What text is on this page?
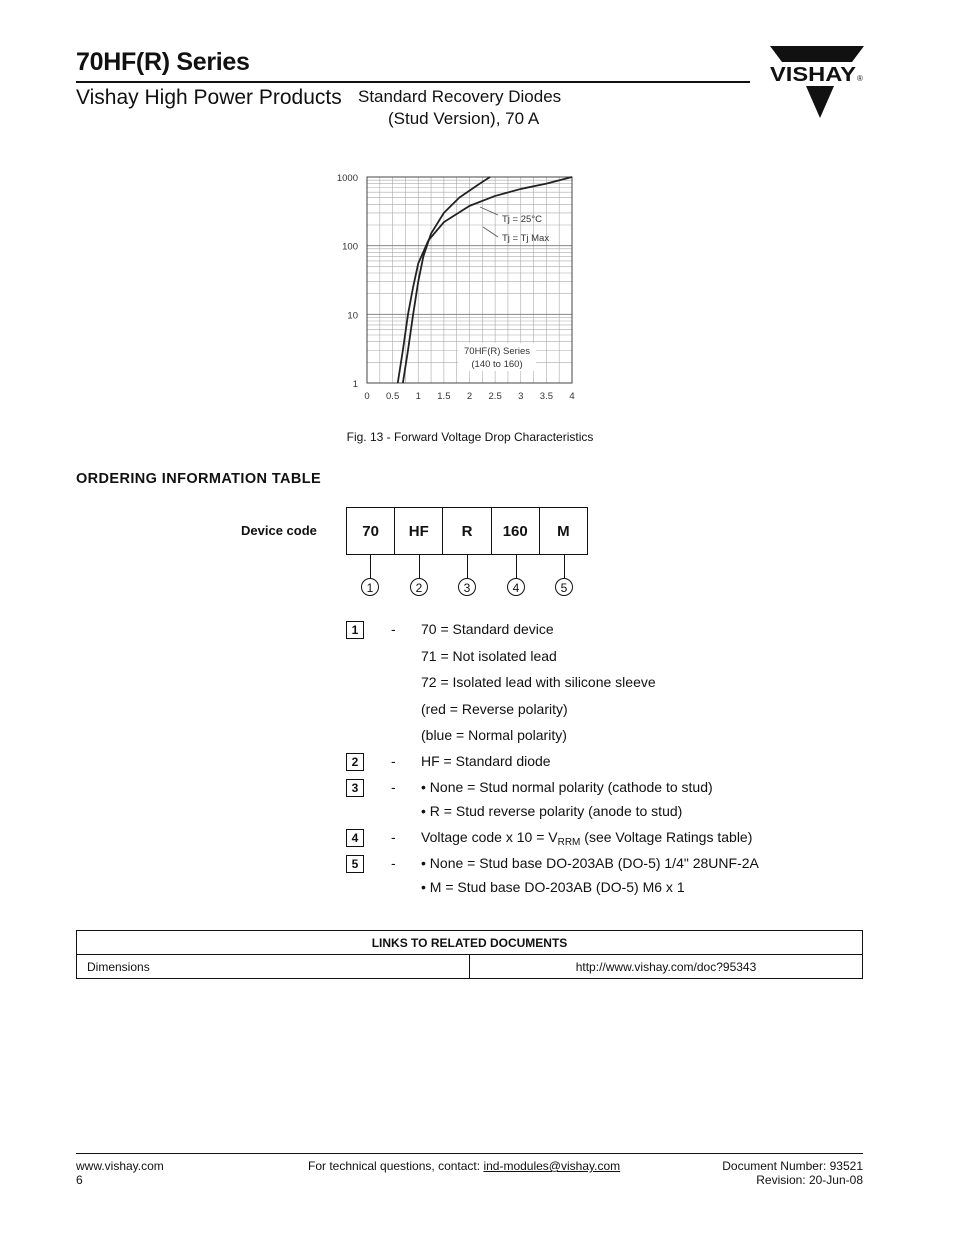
70HF(R) Series
Vishay High Power Products Standard Recovery Diodes
(Stud Version), 70 A
VISHAY ®
0 0.5 1 1.5 2 2.5 3 3.5 4
1
10
100
1000
Tj = 25°C
Tj = Tj Max
70HF(R) Series
(140 to 160)
Fig. 13 - Forward Voltage Drop Characteristics
ORDERING INFORMATION TABLE
Device code	70	HF	R	160	M
1	2	3	4	5
1	- 70 = Standard device
71 = Not isolated lead
72 = Isolated lead with silicone sleeve
(red = Reverse polarity)
(blue = Normal polarity)
2	- HF = Standard diode
3	- • None = Stud normal polarity (cathode to stud)
• R = Stud reverse polarity (anode to stud)
4	- Voltage code x $10 = V_{RRM}$ (see Voltage Ratings table)
5	- • None = Stud base DO-203AB (DO-5) 1/4" 28UNF-2A
• M = Stud base DO-203AB (DO-5) M6 x 1
LINKS TO RELATED DOCUMENTS
Dimensions	http://www.vishay.com/doc?95343
www.vishay.com
6
For technical questions, contact: ind-modules@vishay.com	Document Number: 93521
Revision: 20-Jun-08
